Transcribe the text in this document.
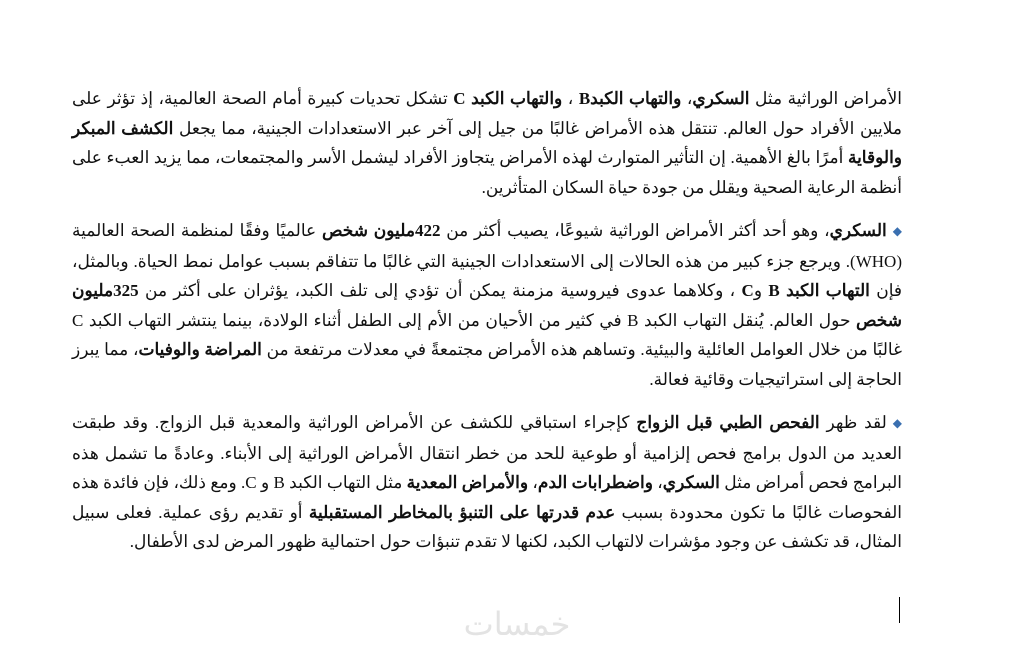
الأمراض الوراثية مثل السكري، والتهاب الكبدB ، والتهاب الكبد C تشكل تحديات كبيرة أمام الصحة العالمية، إذ تؤثر على ملايين الأفراد حول العالم. تنتقل هذه الأمراض غالبًا من جيل إلى آخر عبر الاستعدادات الجينية، مما يجعل الكشف المبكر والوقاية أمرًا بالغ الأهمية. إن التأثير المتوارث لهذه الأمراض يتجاوز الأفراد ليشمل الأسر والمجتمعات، مما يزيد العبء على أنظمة الرعاية الصحية ويقلل من جودة حياة السكان المتأثرين.

◆السكري، وهو أحد أكثر الأمراض الوراثية شيوعًا، يصيب أكثر من 422مليون شخص عالميًا وفقًا لمنظمة الصحة العالمية (WHO). ويرجع جزء كبير من هذه الحالات إلى الاستعدادات الجينية التي غالبًا ما تتفاقم بسبب عوامل نمط الحياة. وبالمثل، فإن التهاب الكبد B وC ، وكلاهما عدوى فيروسية مزمنة يمكن أن تؤدي إلى تلف الكبد، يؤثران على أكثر من 325مليون شخص حول العالم. يُنقل التهاب الكبد B في كثير من الأحيان من الأم إلى الطفل أثناء الولادة، بينما ينتشر التهاب الكبد C غالبًا من خلال العوامل العائلية والبيئية. وتساهم هذه الأمراض مجتمعةً في معدلات مرتفعة من المراضة والوفيات، مما يبرز الحاجة إلى استراتيجيات وقائية فعالة.

◆لقد ظهر الفحص الطبي قبل الزواج كإجراء استباقي للكشف عن الأمراض الوراثية والمعدية قبل الزواج. وقد طبقت العديد من الدول برامج فحص إلزامية أو طوعية للحد من خطر انتقال الأمراض الوراثية إلى الأبناء. وعادةً ما تشمل هذه البرامج فحص أمراض مثل السكري، واضطرابات الدم، والأمراض المعدية مثل التهاب الكبد B و C. ومع ذلك، فإن فائدة هذه الفحوصات غالبًا ما تكون محدودة بسبب عدم قدرتها على التنبؤ بالمخاطر المستقبلية أو تقديم رؤى عملية. فعلى سبيل المثال، قد تكشف عن وجود مؤشرات لالتهاب الكبد، لكنها لا تقدم تنبؤات حول احتمالية ظهور المرض لدى الأطفال.

خمسات
